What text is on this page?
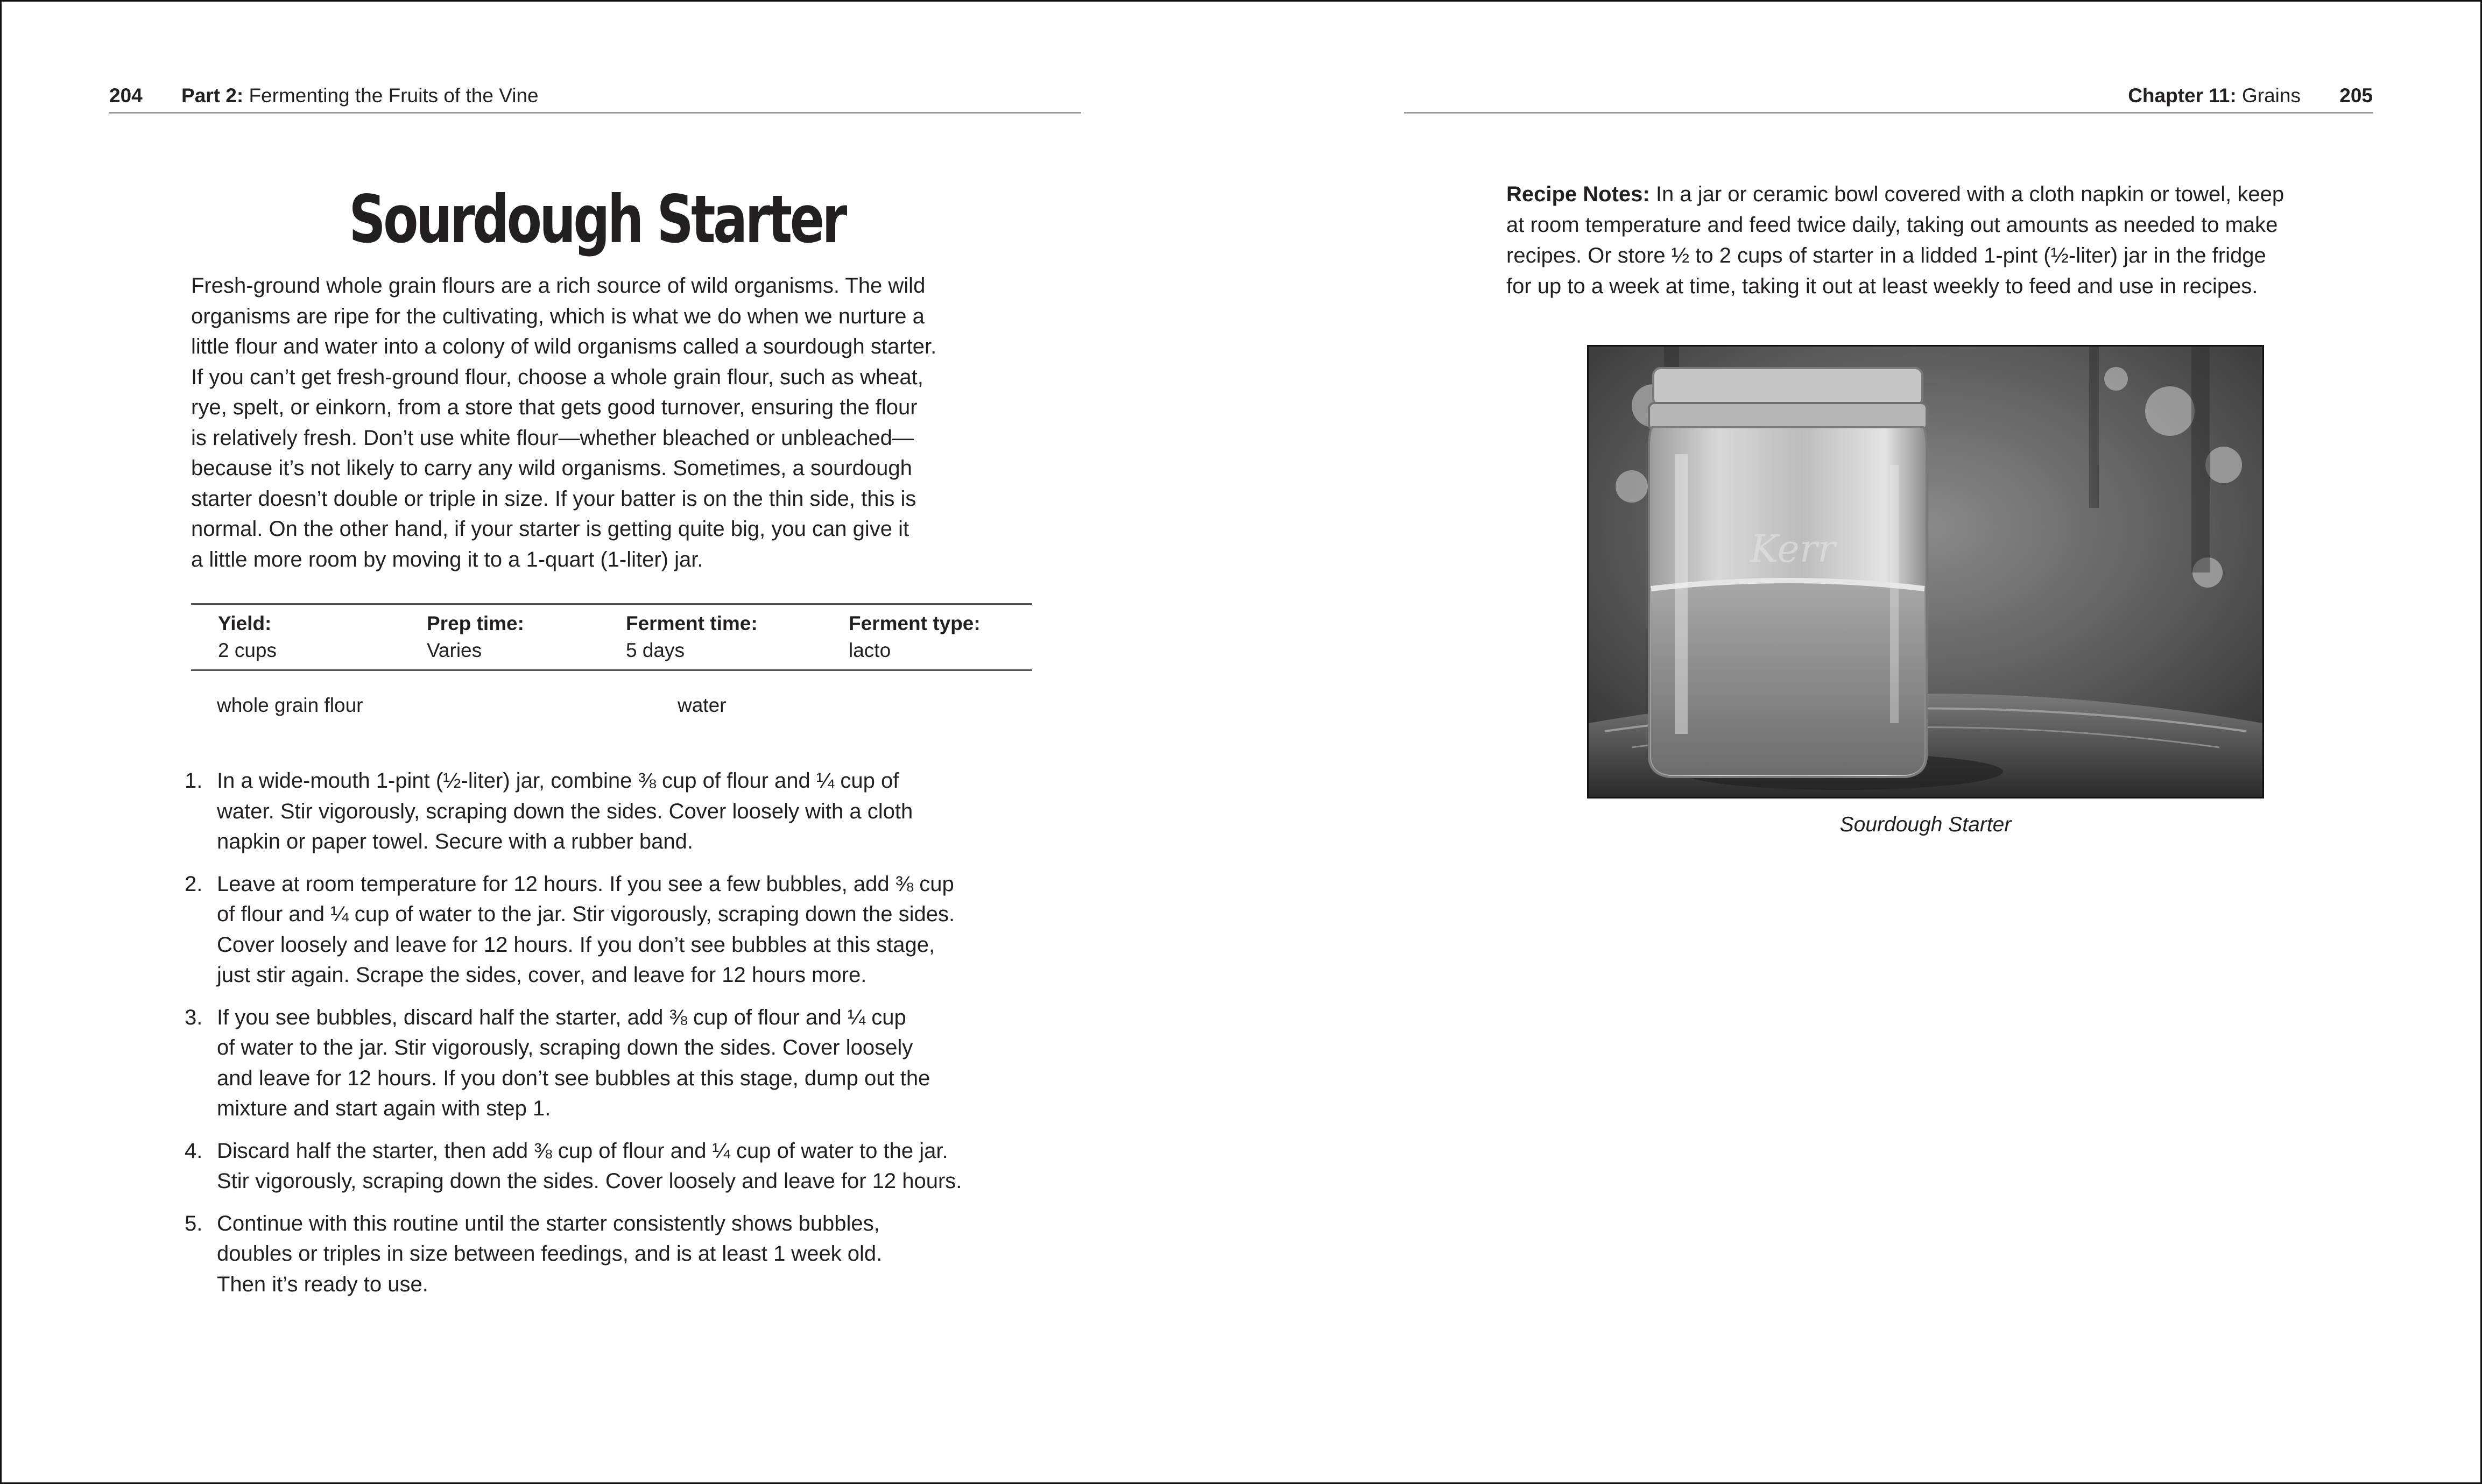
204 Part 2: Fermenting the Fruits of the Vine
Sourdough Starter
Fresh-ground whole grain flours are a rich source of wild organisms. The wild
organisms are ripe for the cultivating, which is what we do when we nurture a
little flour and water into a colony of wild organisms called a sourdough starter.
If you can’t get fresh-ground flour, choose a whole grain flour, such as wheat,
rye, spelt, or einkorn, from a store that gets good turnover, ensuring the flour
is relatively fresh. Don’t use white flour—whether bleached or unbleached—
because it’s not likely to carry any wild organisms. Sometimes, a sourdough
starter doesn’t double or triple in size. If your batter is on the thin side, this is
normal. On the other hand, if your starter is getting quite big, you can give it
a little more room by moving it to a 1-quart (1-liter) jar.
Yield:
2 cups
Prep time:
Varies
Ferment time:
5 days
Ferment type:
lacto
whole grain flour	water
1. In a wide-mouth 1-pint (½-liter) jar, combine ⅜ cup of flour and ¼ cup of
water. Stir vigorously, scraping down the sides. Cover loosely with a cloth
napkin or paper towel. Secure with a rubber band.
2. Leave at room temperature for 12 hours. If you see a few bubbles, add ⅜ cup
of flour and ¼ cup of water to the jar. Stir vigorously, scraping down the sides.
Cover loosely and leave for 12 hours. If you don’t see bubbles at this stage,
just stir again. Scrape the sides, cover, and leave for 12 hours more.
3. If you see bubbles, discard half the starter, add ⅜ cup of flour and ¼ cup
of water to the jar. Stir vigorously, scraping down the sides. Cover loosely
and leave for 12 hours. If you don’t see bubbles at this stage, dump out the
mixture and start again with step 1.
4. Discard half the starter, then add ⅜ cup of flour and ¼ cup of water to the jar.
Stir vigorously, scraping down the sides. Cover loosely and leave for 12 hours.
5. Continue with this routine until the starter consistently shows bubbles,
doubles or triples in size between feedings, and is at least 1 week old.
Then it’s ready to use.
Chapter 11: Grains 205
Recipe Notes: In a jar or ceramic bowl covered with a cloth napkin or towel, keep
at room temperature and feed twice daily, taking out amounts as needed to make
recipes. Or store ½ to 2 cups of starter in a lidded 1-pint (½-liter) jar in the fridge
for up to a week at time, taking it out at least weekly to feed and use in recipes.
Kerr
Sourdough Starter
